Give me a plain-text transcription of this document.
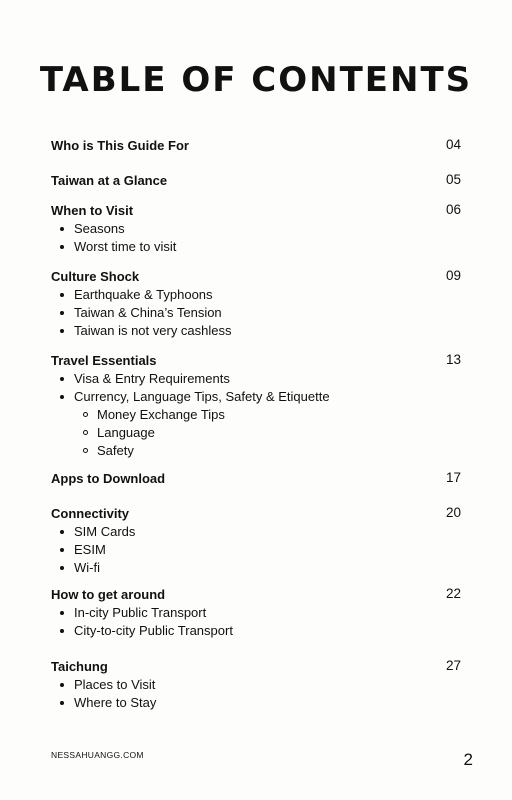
TABLE OF CONTENTS
Who is This Guide For	04
Taiwan at a Glance	05
When to Visit	06
Seasons
Worst time to visit
Culture Shock	09
Earthquake & Typhoons
Taiwan & China’s Tension
Taiwan is not very cashless
Travel Essentials	13
Visa & Entry Requirements
Currency, Language Tips, Safety & Etiquette
Money Exchange Tips
Language
Safety
Apps to Download	17
Connectivity	20
SIM Cards
ESIM
Wi-fi
How to get around	22
In-city Public Transport
City-to-city Public Transport
Taichung	27
Places to Visit
Where to Stay
NESSAHUANGG.COM	2
